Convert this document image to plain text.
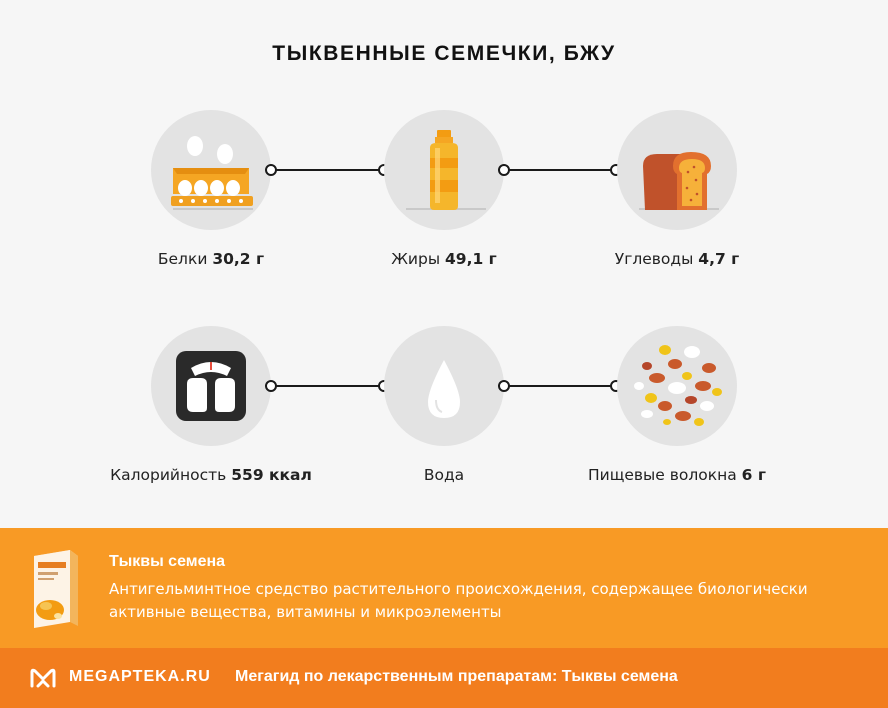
ТЫКВЕННЫЕ СЕМЕЧКИ, БЖУ
Белки 30,2 г	Жиры 49,1 г	Углеводы 4,7 г
Калорийность 559 ккал	Вода	Пищевые волокна 6 г
Тыквы семена
Антигельминтное средство растительного происхождения, содержащее биологически активные вещества, витамины и микроэлементы
MEGAPTEKA.RU Мегагид по лекарственным препаратам: Тыквы семена
